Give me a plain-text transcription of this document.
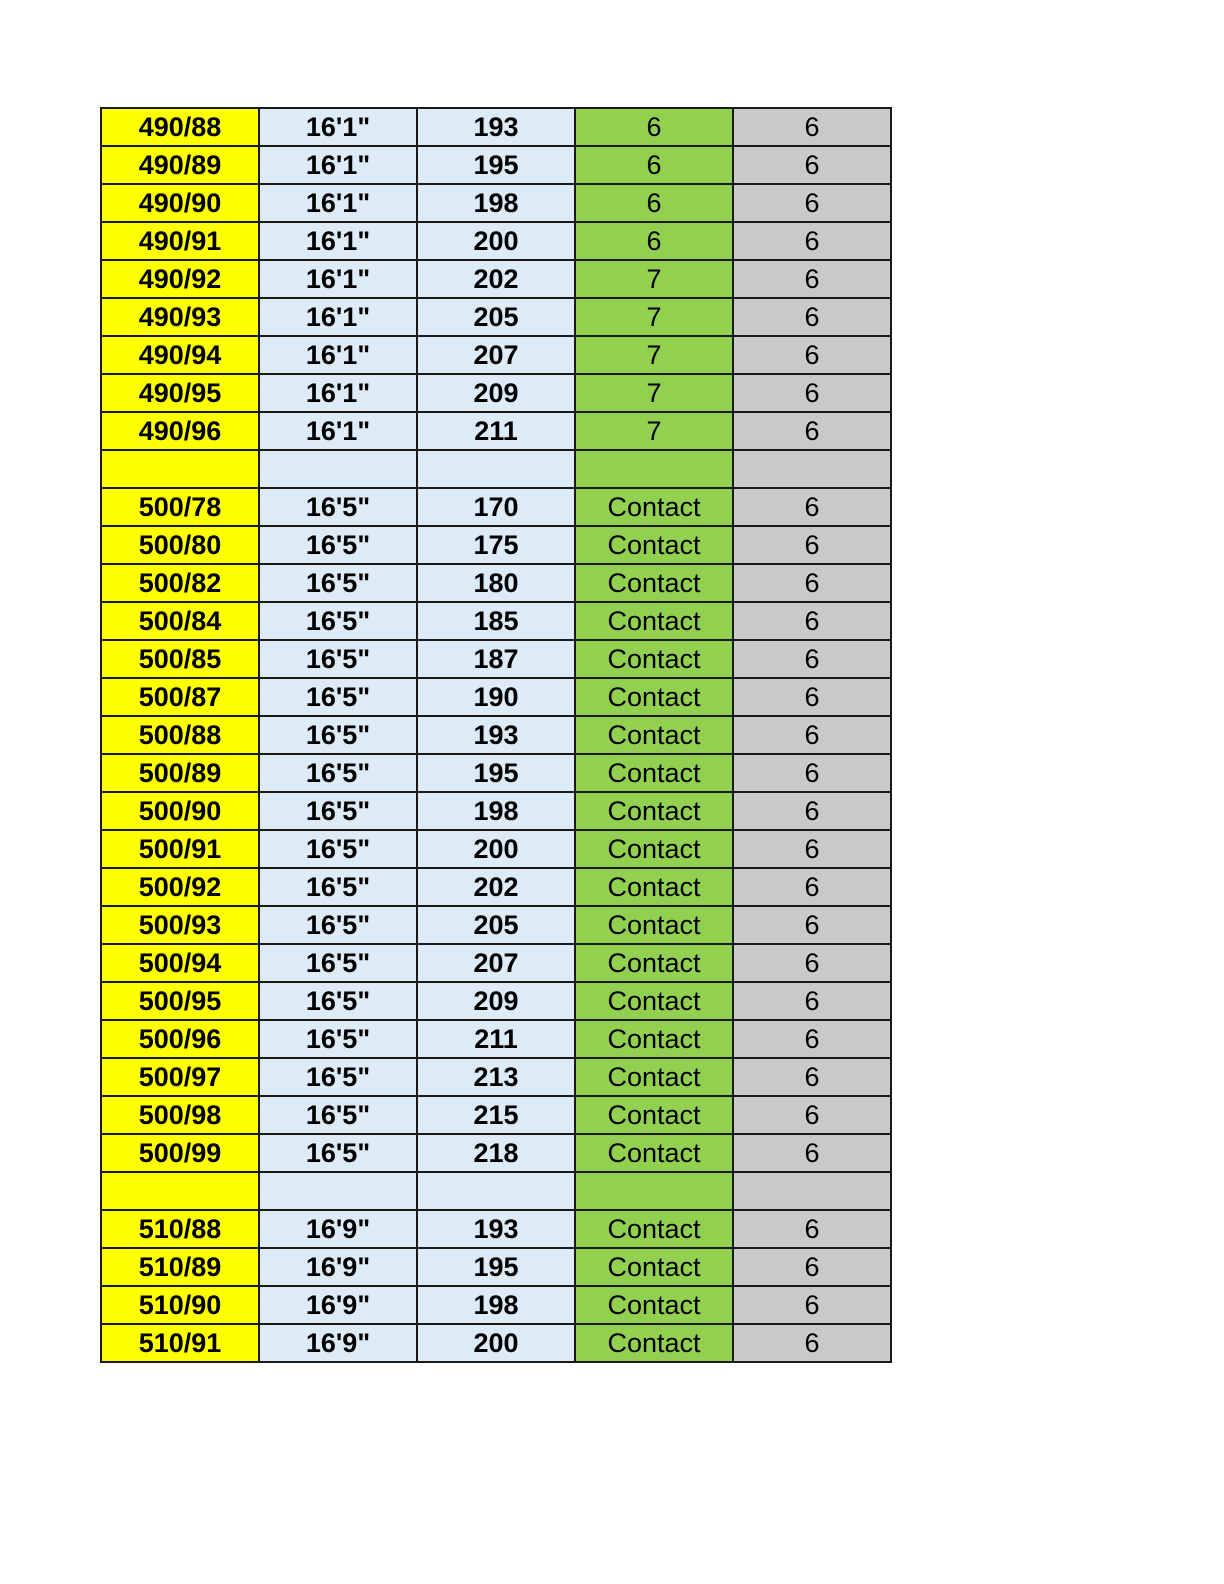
490/88	16'1"	193	6	6
490/89	16'1"	195	6	6
490/90	16'1"	198	6	6
490/91	16'1"	200	6	6
490/92	16'1"	202	7	6
490/93	16'1"	205	7	6
490/94	16'1"	207	7	6
490/95	16'1"	209	7	6
490/96	16'1"	211	7	6

500/78	16'5"	170	Contact	6
500/80	16'5"	175	Contact	6
500/82	16'5"	180	Contact	6
500/84	16'5"	185	Contact	6
500/85	16'5"	187	Contact	6
500/87	16'5"	190	Contact	6
500/88	16'5"	193	Contact	6
500/89	16'5"	195	Contact	6
500/90	16'5"	198	Contact	6
500/91	16'5"	200	Contact	6
500/92	16'5"	202	Contact	6
500/93	16'5"	205	Contact	6
500/94	16'5"	207	Contact	6
500/95	16'5"	209	Contact	6
500/96	16'5"	211	Contact	6
500/97	16'5"	213	Contact	6
500/98	16'5"	215	Contact	6
500/99	16'5"	218	Contact	6

510/88	16'9"	193	Contact	6
510/89	16'9"	195	Contact	6
510/90	16'9"	198	Contact	6
510/91	16'9"	200	Contact	6
